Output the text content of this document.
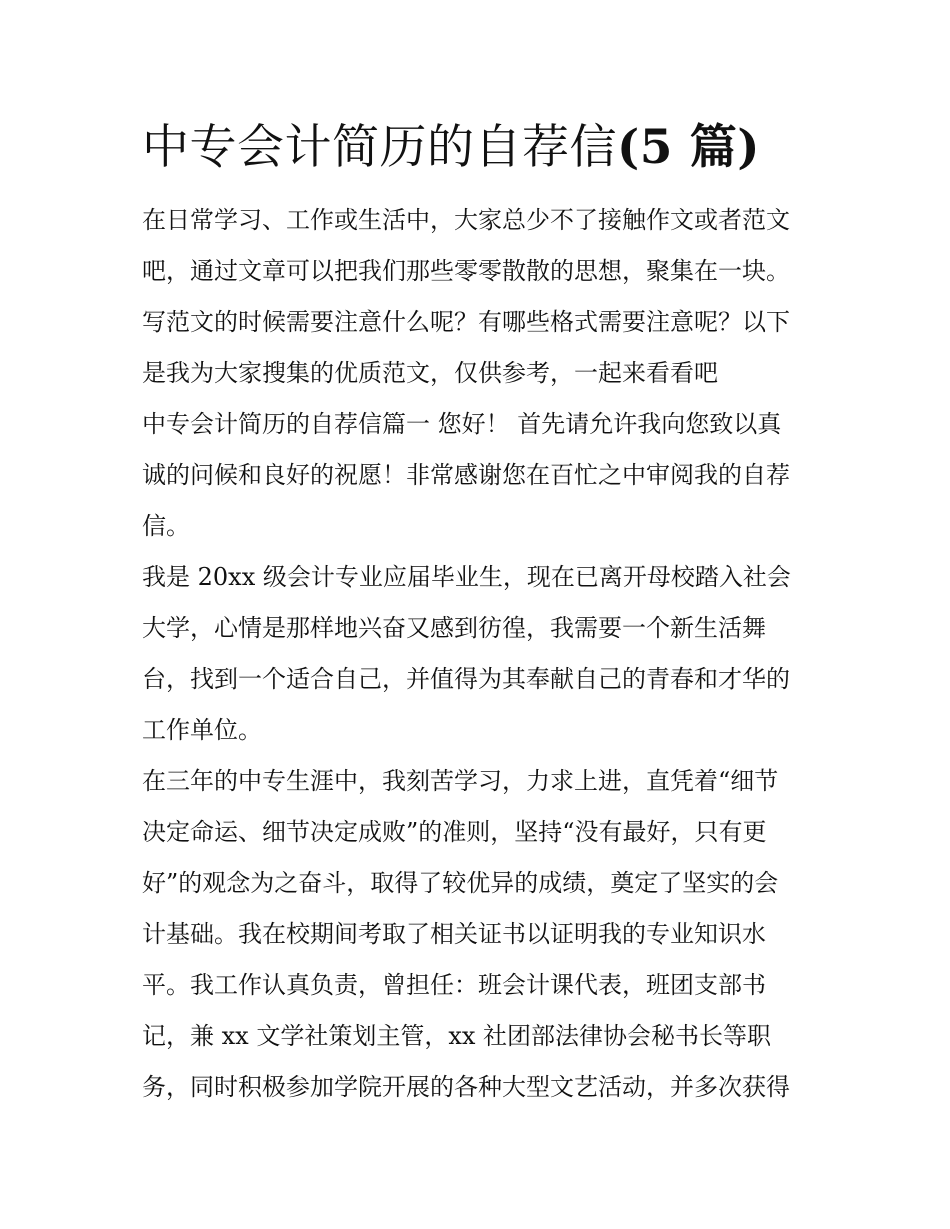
中专会计简历的自荐信(5 篇)
在日常学习、工作或生活中，大家总少不了接触作文或者范文
吧，通过文章可以把我们那些零零散散的思想，聚集在一块。
写范文的时候需要注意什么呢？有哪些格式需要注意呢？以下
是我为大家搜集的优质范文，仅供参考，一起来看看吧
中专会计简历的自荐信篇一 您好！ 首先请允许我向您致以真
诚的问候和良好的祝愿！非常感谢您在百忙之中审阅我的自荐
信。
我是 20xx 级会计专业应届毕业生，现在已离开母校踏入社会
大学，心情是那样地兴奋又感到彷徨，我需要一个新生活舞
台，找到一个适合自己，并值得为其奉献自己的青春和才华的
工作单位。
在三年的中专生涯中，我刻苦学习，力求上进，直凭着“细节
决定命运、细节决定成败”的准则，坚持“没有最好，只有更
好”的观念为之奋斗，取得了较优异的成绩，奠定了坚实的会
计基础。我在校期间考取了相关证书以证明我的专业知识水
平。我工作认真负责，曾担任：班会计课代表，班团支部书
记，兼 xx 文学社策划主管，xx 社团部法律协会秘书长等职
务，同时积极参加学院开展的各种大型文艺活动，并多次获得
